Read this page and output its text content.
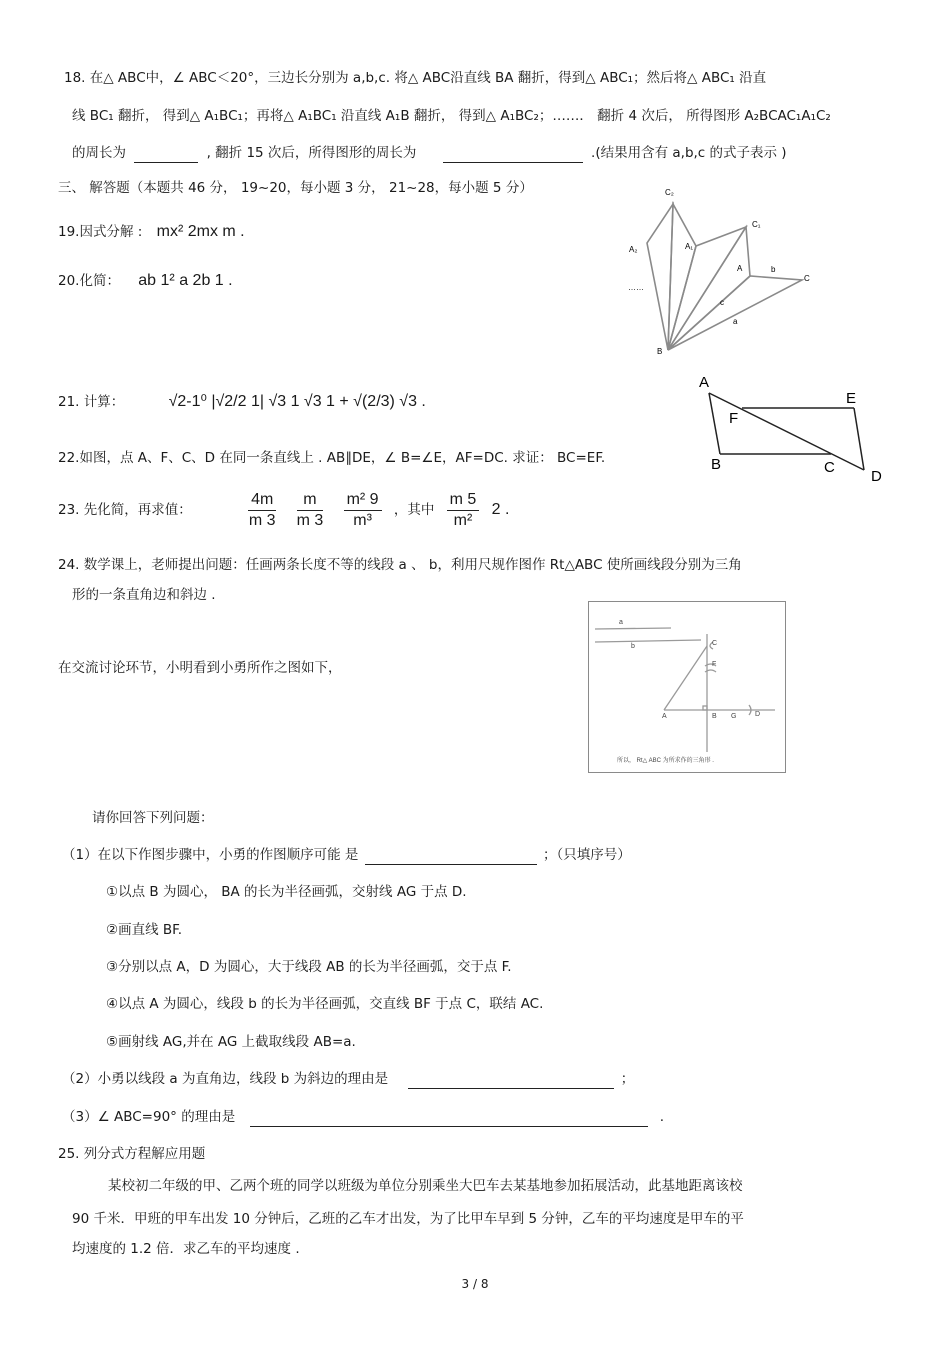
18. 在△ ABC中，∠ ABC＜20°，三边长分别为 a,b,c. 将△ ABC沿直线 BA 翻折，得到△ ABC₁；然后将△ ABC₁ 沿直
线 BC₁ 翻折， 得到△ A₁BC₁；再将△ A₁BC₁ 沿直线 A₁B 翻折， 得到△ A₁BC₂；……． 翻折 4 次后， 所得图形 A₂BCAC₁A₁C₂
的周长为	, 翻折 15 次后，所得图形的周长为	.(结果用含有 a,b,c 的式子表示 )
三、 解答题（本题共 46 分， 19~20，每小题 3 分， 21~28，每小题 5 分）
19.因式分解 : mx² 2mx m .
20.化简： ab 1² a 2b 1 .
21. 计算：	√2-1⁰ |√2/2 1| √3 1 √3 1 + √(2/3) √3 .
22.如图，点 A、F、C、D 在同一条直线上 . AB∥DE，∠ B=∠E，AF=DC. 求证： BC=EF.
23. 先化简，再求值：	$\frac{4m}{m 3}$
$\frac{m}{m 3}$
$\frac{\text{m² 9}}{\text{m³}}$ ，其中 $\frac{m 5}{\text{m²}} 2$ .
24. 数学课上，老师提出问题：任画两条长度不等的线段 a 、 b，利用尺规作图作 Rt△ABC 使所画线段分别为三角
形的一条直角边和斜边 .
在交流讨论环节，小明看到小勇所作之图如下，
请你回答下列问题：
（1）在以下作图步骤中，小勇的作图顺序可能 是	；（只填序号）
①以点 B 为圆心， BA 的长为半径画弧，交射线 AG 于点 D.
②画直线 BF.
③分别以点 A，D 为圆心，大于线段 AB 的长为半径画弧，交于点 F.
④以点 A 为圆心，线段 b 的长为半径画弧，交直线 BF 于点 C，联结 AC.
⑤画射线 AG,并在 AG 上截取线段 AB=a.
（2）小勇以线段 a 为直角边，线段 b 为斜边的理由是	；
（3）∠ ABC=90° 的理由是	.
25. 列分式方程解应用题
某校初二年级的甲、乙两个班的同学以班级为单位分别乘坐大巴车去某基地参加拓展活动，此基地距离该校
90 千米．甲班的甲车出发 10 分钟后，乙班的乙车才出发，为了比甲车早到 5 分钟，乙车的平均速度是甲车的平
均速度的 1.2 倍．求乙车的平均速度 .
C₂
C₁
A₂	A₁
A	b
C
c
a
B
……
A
E
F
B	C
D
a
b	C
F
A	B G	D
所以， Rt△ ABC 为所求作的三角形 .
3 / 8
